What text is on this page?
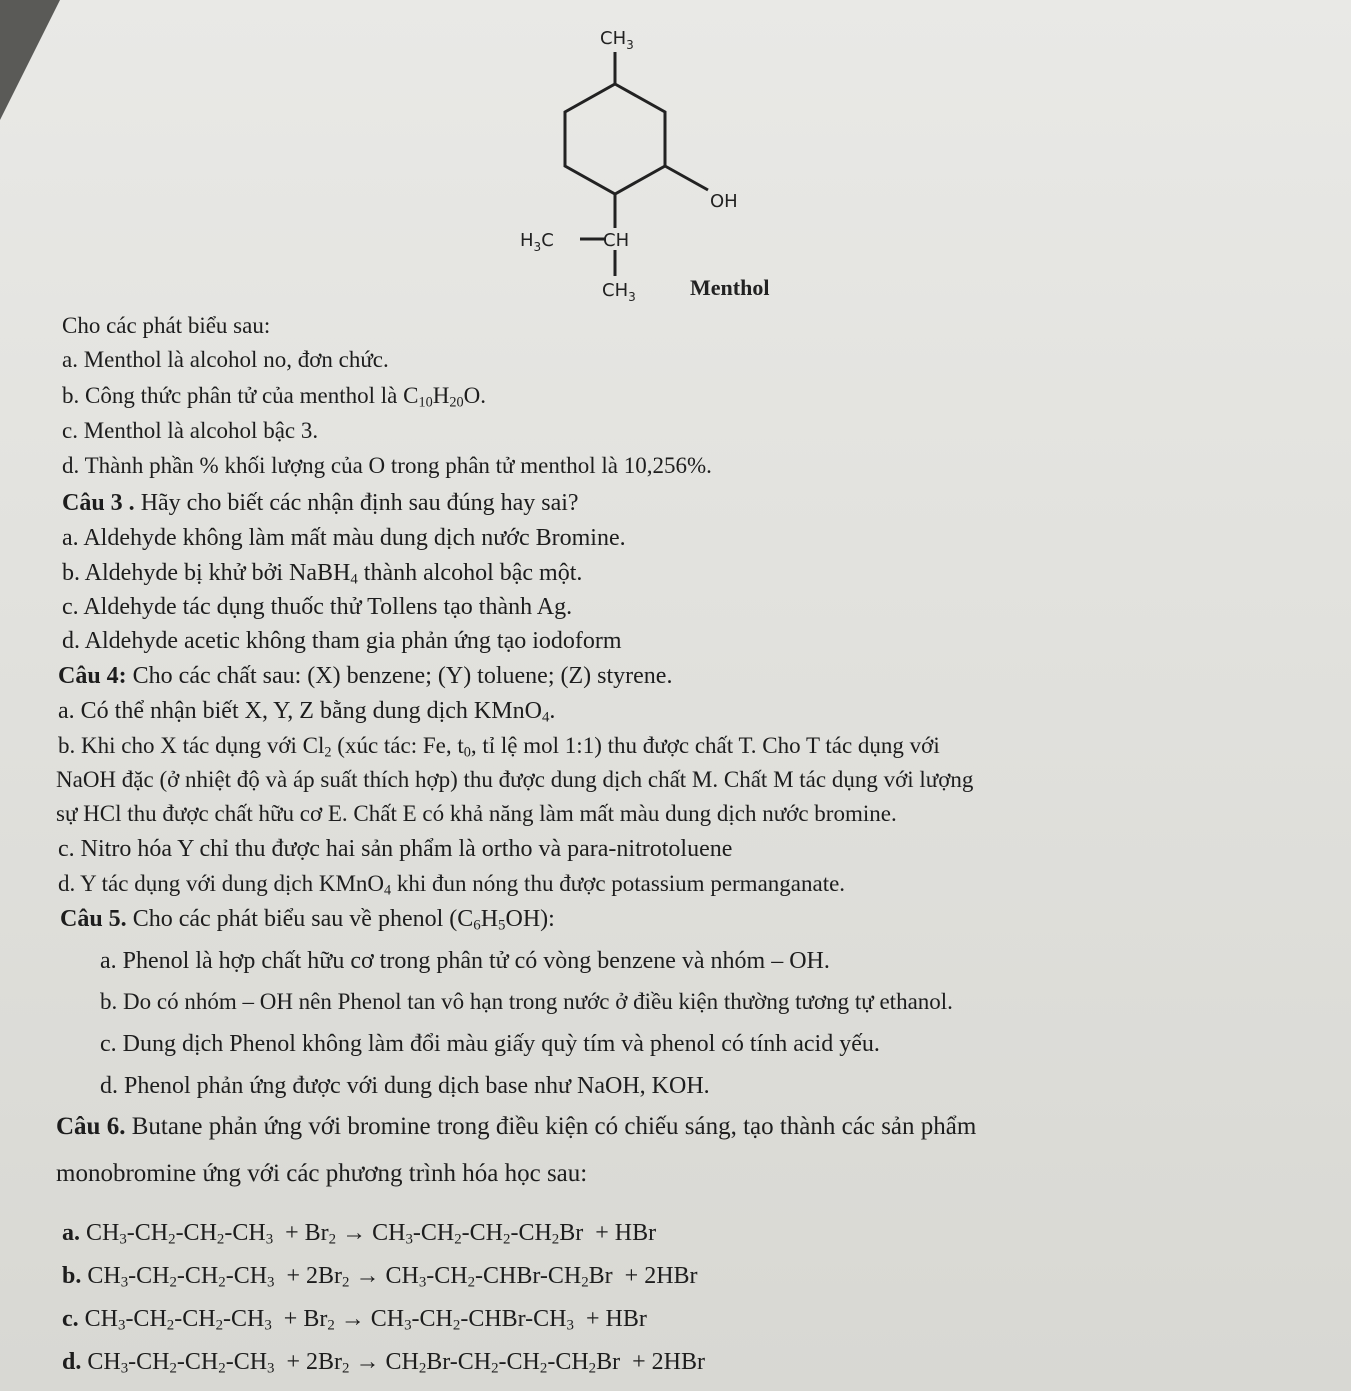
$CH_3$
OH
$H_3C$	CH
$CH_3$ Menthol
Cho các phát biểu sau:
a. Menthol là alcohol no, đơn chức.
b. Công thức phân tử của menthol là $C_{10}H_{20}O$.
c. Menthol là alcohol bậc 3.
d. Thành phần % khối lượng của O trong phân tử menthol là 10,256%.
Câu 3 . Hãy cho biết các nhận định sau đúng hay sai?
a. Aldehyde không làm mất màu dung dịch nước Bromine.
b. Aldehyde bị khử bởi NaBH$_4$ thành alcohol bậc một.
c. Aldehyde tác dụng thuốc thử Tollens tạo thành Ag.
d. Aldehyde acetic không tham gia phản ứng tạo iodoform
Câu 4: Cho các chất sau: (X) benzene; (Y) toluene; (Z) styrene.
a. Có thể nhận biết X, Y, Z bằng dung dịch KMnO$_4$.
b. Khi cho X tác dụng với $Cl_2$ (xúc tác: Fe, $t_0$, tỉ lệ mol 1:1) thu được chất T. Cho T tác dụng với
NaOH đặc (ở nhiệt độ và áp suất thích hợp) thu được dung dịch chất M. Chất M tác dụng với lượng
sự HCl thu được chất hữu cơ E. Chất E có khả năng làm mất màu dung dịch nước bromine.
c. Nitro hóa Y chỉ thu được hai sản phẩm là ortho và para-nitrotoluene
d. Y tác dụng với dung dịch KMnO$_4$ khi đun nóng thu được potassium permanganate.
Câu 5. Cho các phát biểu sau về phenol $(C_6H_5OH)$:
a. Phenol là hợp chất hữu cơ trong phân tử có vòng benzene và nhóm – OH.
b. Do có nhóm – OH nên Phenol tan vô hạn trong nước ở điều kiện thường tương tự ethanol.
c. Dung dịch Phenol không làm đổi màu giấy quỳ tím và phenol có tính acid yếu.
d. Phenol phản ứng được với dung dịch base như NaOH, KOH.
Câu 6. Butane phản ứng với bromine trong điều kiện có chiếu sáng, tạo thành các sản phẩm
monobromine ứng với các phương trình hóa học sau:
a. $CH_3-CH_2-CH_2-CH_3 + Br_2 \to CH_3-CH_2-CH_2-CH_2Br$  + HBr
b. $CH_3-CH_2-CH_2-CH_3 + 2Br_2$ → $CH_3-CH_2-CHBr-CH_2Br + 2HBr$
c. $CH_3-CH_2-CH_2-CH_3 + Br_2$ → $CH_3-CH_2-CHBr-CH_3$  + HBr
d. $CH_3-CH_2-CH_2-CH_3 + 2Br_2 \to CH_2Br-CH_2-CH_2-CH_2Br + 2HBr$
